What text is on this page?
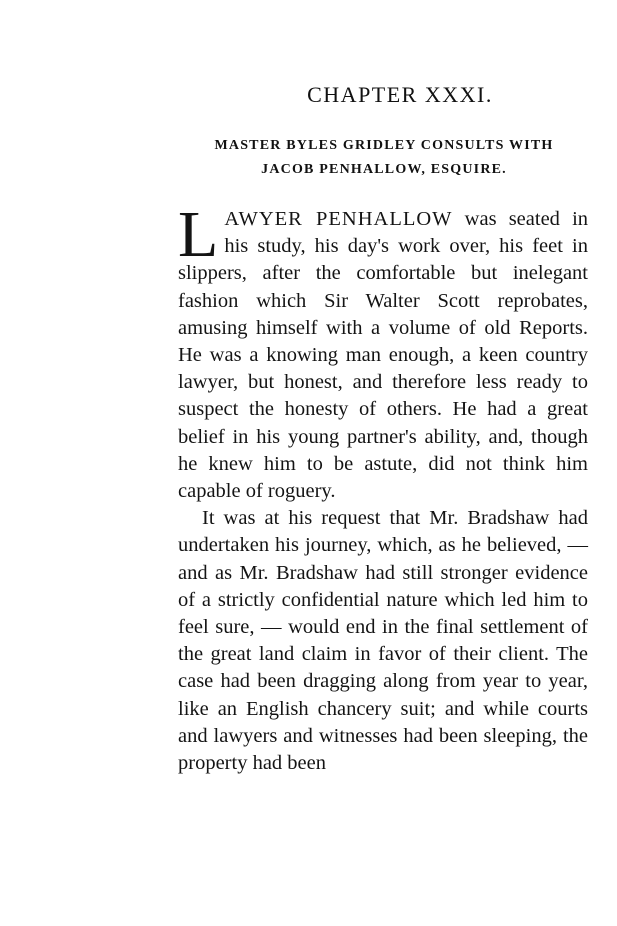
CHAPTER XXXI.
MASTER BYLES GRIDLEY CONSULTS WITH
JACOB PENHALLOW, ESQUIRE.

LAWYER PENHALLOW was seated in his study, his day's work over, his feet in slippers, after the comfortable but inelegant fashion which Sir Walter Scott reprobates, amusing himself with a volume of old Reports. He was a knowing man enough, a keen country lawyer, but honest, and therefore less ready to suspect the honesty of others. He had a great belief in his young partner's ability, and, though he knew him to be astute, did not think him capable of roguery.

It was at his request that Mr. Bradshaw had undertaken his journey, which, as he believed, — and as Mr. Bradshaw had still stronger evidence of a strictly confidential nature which led him to feel sure, — would end in the final settlement of the great land claim in favor of their client. The case had been dragging along from year to year, like an English chancery suit; and while courts and lawyers and witnesses had been sleeping, the property had been
